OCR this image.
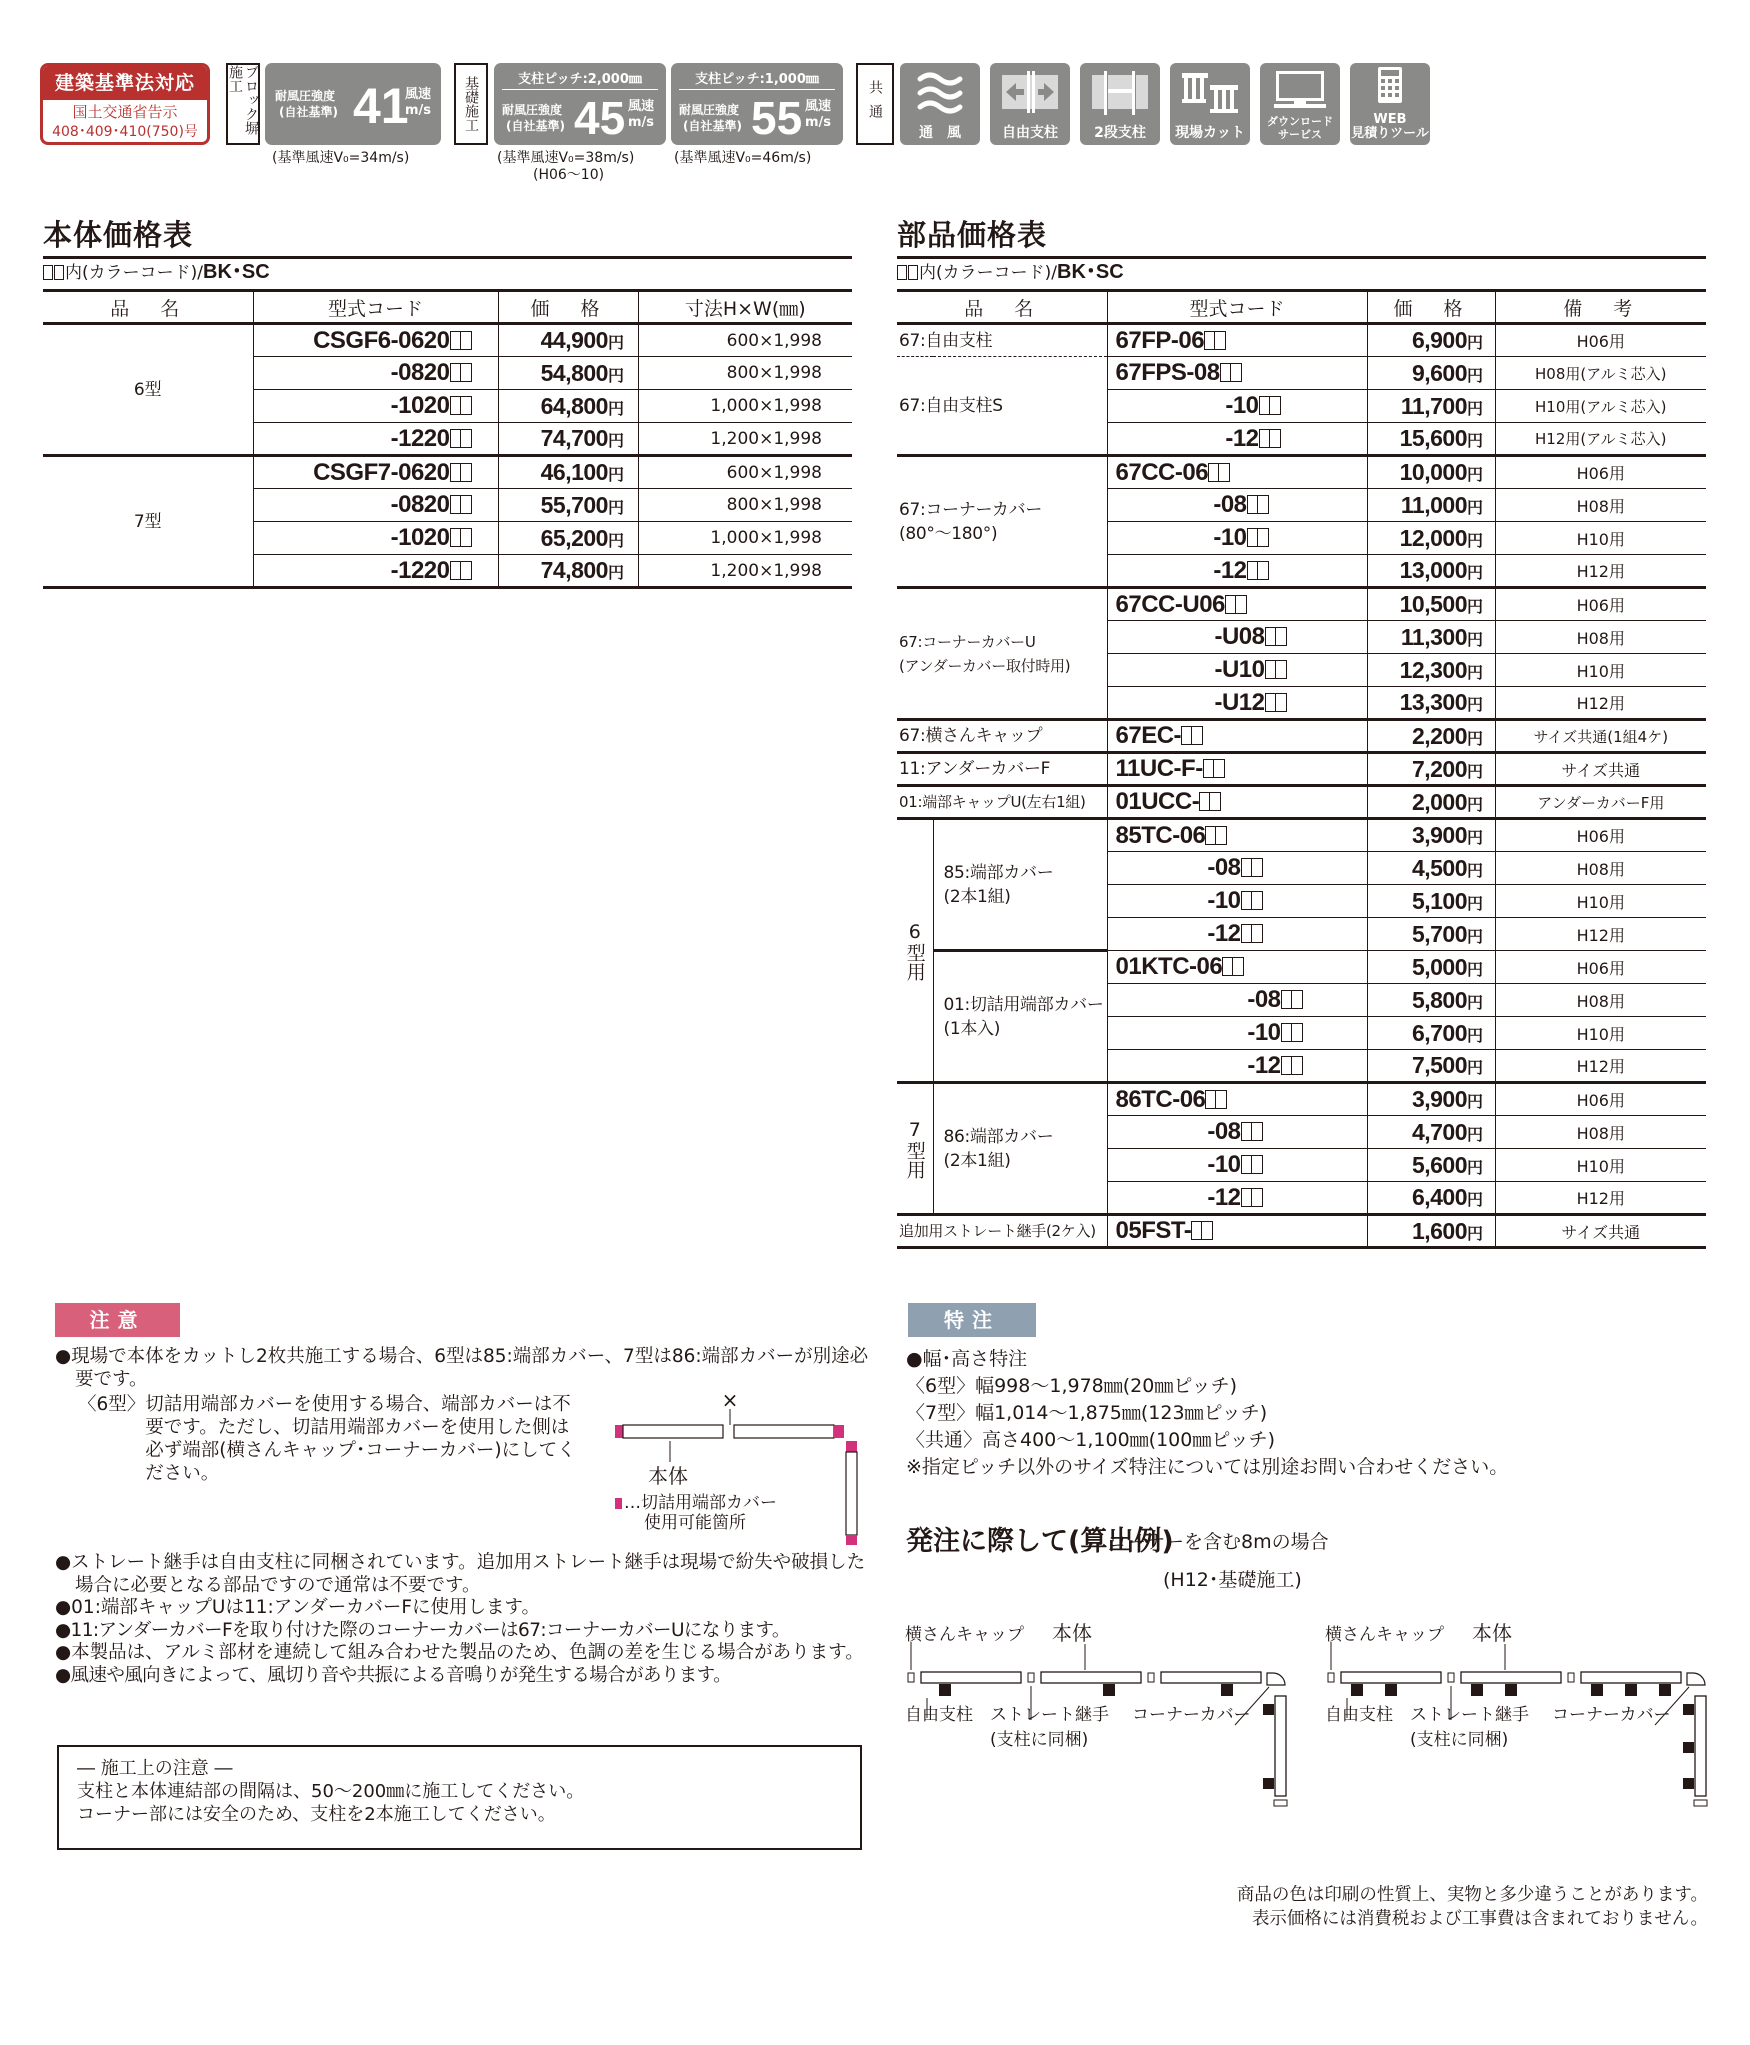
建築基準法対応
国土交通省告示
408･409･410(750)号	ブロック塀施工
耐風圧強度
(自社基準) 41
風速
m/s
(基準風速V₀=34m/s)
基礎施工	支柱ピッチ:2,000㎜
耐風圧強度
(自社基準) 45 風速
m/s
支柱ピッチ:1,000㎜
耐風圧強度
(自社基準) 55 風速
m/s
(基準風速V₀=38m/s)
(H06～10)
(基準風速V₀=46m/s)
共通
通　風	自由支柱	2段支柱	現場カット
ダウンロード
サービス
WEB
見積りツール
本体価格表
内(カラーコード)/BK･SC
品　名	型式コード	価　格	寸法H×W(㎜)
6型	CSGF6-0620	44,900円	600×1,998
	-0820	54,800円	800×1,998
	-1020	64,800円	1,000×1,998
	-1220	74,700円	1,200×1,998
7型	CSGF7-0620	46,100円	600×1,998
	-0820	55,700円	800×1,998
	-1020	65,200円	1,000×1,998
	-1220	74,800円	1,200×1,998
部品価格表
内(カラーコード)/BK･SC
品　名		型式コード	価　格	備　考

67:自由支柱		67FP-06	6,900円	H06用

67:自由支柱S		67FPS-08	9,600円	H08用(アルミ芯入)
		-10	11,700円	H10用(アルミ芯入)
		-12	15,600円	H12用(アルミ芯入)

67:コーナーカバー
(80°～180°)		67CC-06	10,000円	H06用
		-08	11,000円	H08用
		-10	12,000円	H10用
		-12	13,000円	H12用

67:コーナーカバーU
(アンダーカバー取付時用)		67CC-U06	10,500円	H06用
		-U08	11,300円	H08用
		-U10	12,300円	H10用
		-U12	13,300円	H12用

67:横さんキャップ		67EC-	2,200円	サイズ共通(1組4ケ)

11:アンダーカバーF		11UC-F-	7,200円	サイズ共通

01:端部キャップU(左右1組)		01UCC-	2,000円	アンダーカバーF用
6型用	85:端部カバー
(2本1組)	85TC-06	3,900円	H06用
		-08	4,500円	H08用
		-10	5,100円	H10用
		-12	5,700円	H12用

	01:切詰用端部カバー
(1本入)	01KTC-06	5,000円	H06用
		-08	5,800円	H08用
		-10	6,700円	H10用
		-12	7,500円	H12用
7型用	86:端部カバー
(2本1組)	86TC-06	3,900円	H06用
		-08	4,700円	H08用
		-10	5,600円	H10用
		-12	6,400円	H12用

追加用ストレート継手(2ケ入)		05FST-	1,600円	サイズ共通
注意

● 現場で本体をカットし2枚共施工する場合、6型は85:端部カバー、7型は86:端部カバーが別途必要です。

〈6型〉 切詰用端部カバーを使用する場合、端部カバーは不要です。ただし、切詰用端部カバーを使用した側は必ず端部(横さんキャップ･コーナーカバー)にしてください。
×
本体
…切詰用端部カバー
使用可能箇所

● ストレート継手は自由支柱に同梱されています。追加用ストレート継手は現場で紛失や破損した場合に必要となる部品ですので通常は不要です。

● 01:端部キャップUは11:アンダーカバーFに使用します。

● 11:アンダーカバーFを取り付けた際のコーナーカバーは67:コーナーカバーUになります。

● 本製品は、アルミ部材を連続して組み合わせた製品のため、色調の差を生じる場合があります。

● 風速や風向きによって、風切り音や共振による音鳴りが発生する場合があります。

― 施工上の注意 ―
支柱と本体連結部の間隔は、50～200㎜に施工してください。
コーナー部には安全のため、支柱を2本施工してください。
特注

●幅･高さ特注

〈6型〉幅998～1,978㎜(20㎜ピッチ)

〈7型〉幅1,014～1,875㎜(123㎜ピッチ)

〈共通〉高さ400～1,100㎜(100㎜ピッチ)

※指定ピッチ以外のサイズ特注については別途お問い合わせください。

発注に際して(算出例)
コーナーを含む8mの場合
(H12･基礎施工)
横さんキャップ 本体
自由支柱 ストレート継手
(支柱に同梱)
コーナーカバー
横さんキャップ 本体
自由支柱 ストレート継手
(支柱に同梱)
コーナーカバー
商品の色は印刷の性質上、実物と多少違うことがあります。
表示価格には消費税および工事費は含まれておりません。
